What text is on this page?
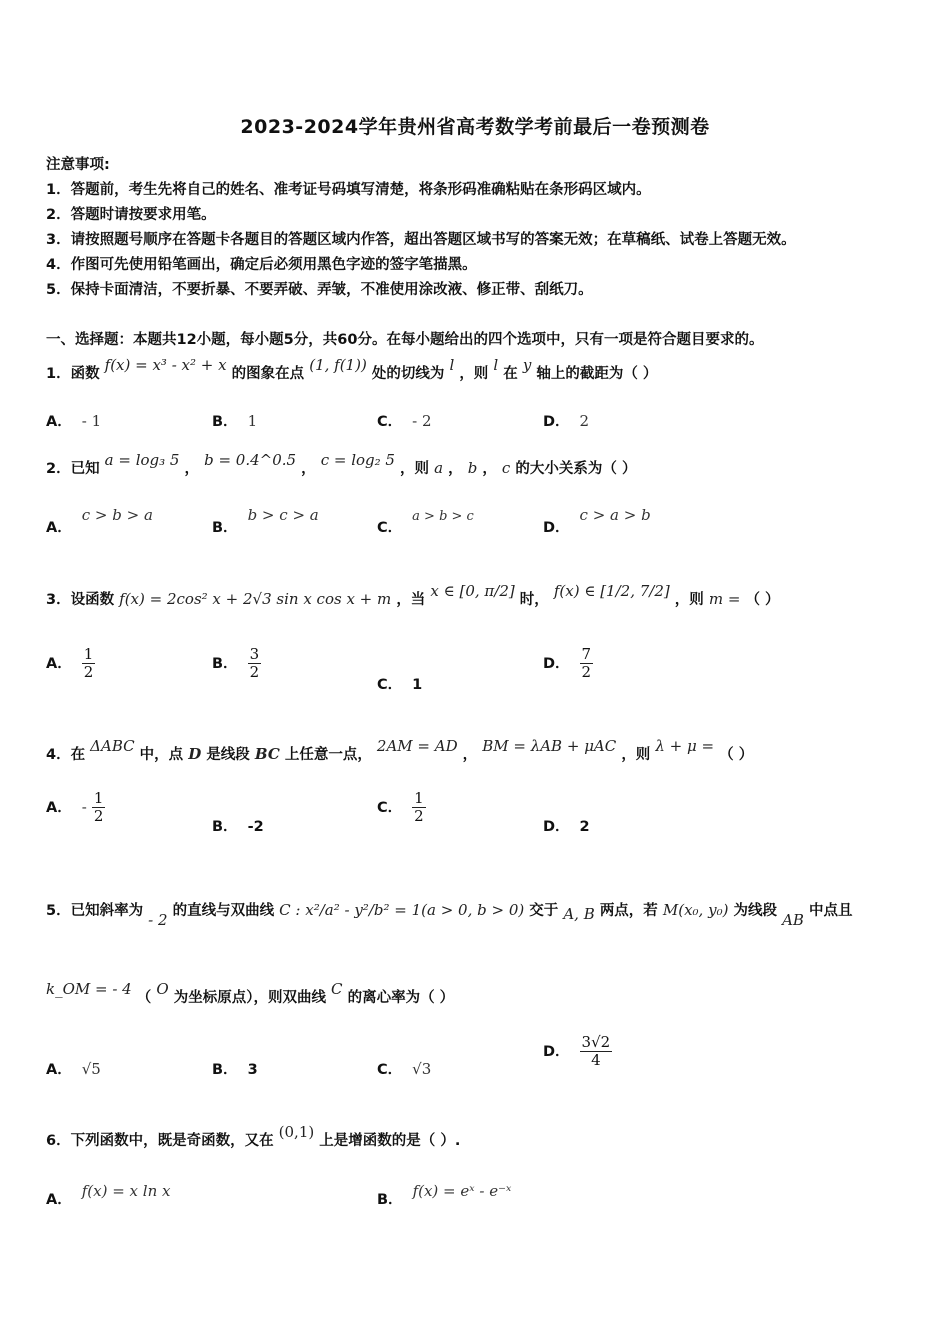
2023-2024学年贵州省高考数学考前最后一卷预测卷
注意事项:
1．答题前，考生先将自己的姓名、准考证号码填写清楚，将条形码准确粘贴在条形码区域内。
2．答题时请按要求用笔。
3．请按照题号顺序在答题卡各题目的答题区域内作答，超出答题区域书写的答案无效；在草稿纸、试卷上答题无效。
4．作图可先使用铅笔画出，确定后必须用黑色字迹的签字笔描黑。
5．保持卡面清洁，不要折暴、不要弄破、弄皱，不准使用涂改液、修正带、刮纸刀。
一、选择题：本题共12小题，每小题5分，共60分。在每小题给出的四个选项中，只有一项是符合题目要求的。
1．函数 f(x) = x³ - x² + x 的图象在点 (1, f(1)) 处的切线为 l ，则 l 在 y 轴上的截距为（ ）
A． - 1	B． 1	C． - 2	D． 2
2．已知 a = log₃ 5 ， b = 0.4^0.5 ， c = log₂ 5 ，则 a ， b ， c 的大小关系为（ ）
A．c > b > a
B．b > c > a
C．a > b > c
D．c > a > b
3．设函数 f(x) = 2cos² x + 2√3 sin x cos x + m ，当 x ∈ [0, π/2] 时， f(x) ∈ [1/2, 7/2] ，则 m = （ ）
A． $\frac{1}{2}$	B． $\frac{3}{2}$
C． 1
D． $\frac{7}{2}$
4．在 ΔABC 中，点 D 是线段 BC 上任意一点， 2AM = AD ， BM = λAB + μAC ，则 λ + μ = （ ）
A． - $\frac{1}{2}$
B． -2
C． $\frac{1}{2}$
D． 2
5．已知斜率为 - 2 的直线与双曲线 C : x²/a² - y²/b² = 1(a > 0, b > 0) 交于 A, B 两点，若 M(x₀, y₀) 为线段 AB 中点且
k_OM = - 4 （ O 为坐标原点），则双曲线 C 的离心率为（ ）
A． √5	B． 3	C． √3
D． $\frac{3√2}{4}$
6．下列函数中，既是奇函数，又在 (0,1) 上是增函数的是（ ）.
A． f(x) = x ln x	B． f(x) = eˣ - e⁻ˣ
